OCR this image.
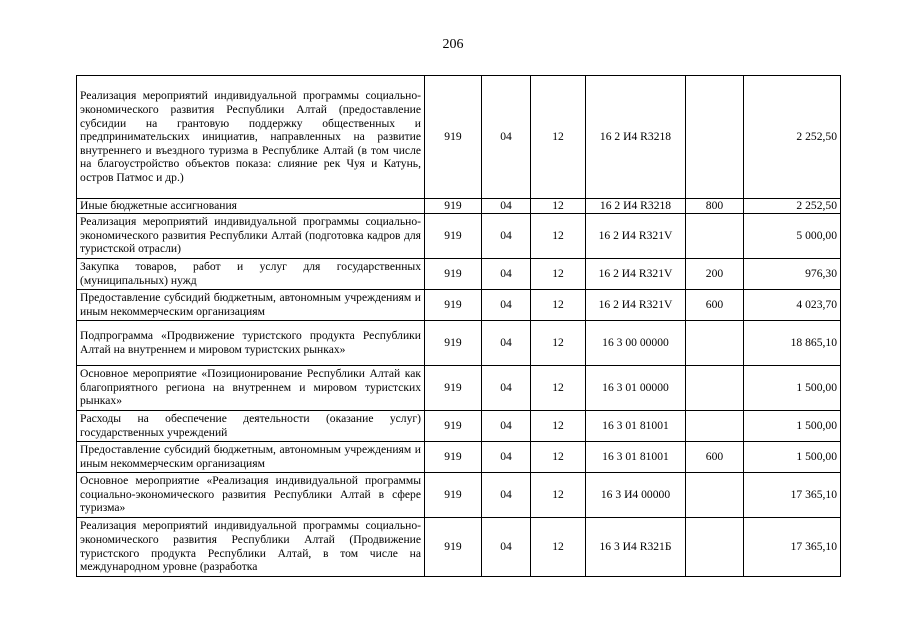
206
Реализация мероприятий индивидуальной программы социально-экономического развития Республики Алтай (предоставление субсидии на грантовую поддержку общественных и предпринимательских инициатив, направленных на развитие внутреннего и въездного туризма в Республике Алтай (в том числе на благоустройство объектов показа: слияние рек Чуя и Катунь, остров Патмос и др.)	919	04	12	16 2 И4 R3218		2 252,50
Иные бюджетные ассигнования	919	04	12	16 2 И4 R3218	800	2 252,50
Реализация мероприятий индивидуальной программы социально-экономического развития Республики Алтай (подготовка кадров для туристской отрасли)	919	04	12	16 2 И4 R321V		5 000,00
Закупка товаров, работ и услуг для государственных (муниципальных) нужд	919	04	12	16 2 И4 R321V	200	976,30
Предоставление субсидий бюджетным, автономным учреждениям и иным некоммерческим организациям	919	04	12	16 2 И4 R321V	600	4 023,70
Подпрограмма «Продвижение туристского продукта Республики Алтай на внутреннем и мировом туристских рынках»	919	04	12	16 3 00 00000		18 865,10
Основное мероприятие «Позиционирование Республики Алтай как благоприятного региона на внутреннем и мировом туристских рынках»	919	04	12	16 3 01 00000		1 500,00
Расходы на обеспечение деятельности (оказание услуг) государственных учреждений	919	04	12	16 3 01 81001		1 500,00
Предоставление субсидий бюджетным, автономным учреждениям и иным некоммерческим организациям	919	04	12	16 3 01 81001	600	1 500,00
Основное мероприятие «Реализация индивидуальной программы социально-экономического развития Республики Алтай в сфере туризма»	919	04	12	16 3 И4 00000		17 365,10
Реализация мероприятий индивидуальной программы социально-экономического развития Республики Алтай (Продвижение туристского продукта Республики Алтай, в том числе на международном уровне (разработка	919	04	12	16 3 И4 R321Б		17 365,10
